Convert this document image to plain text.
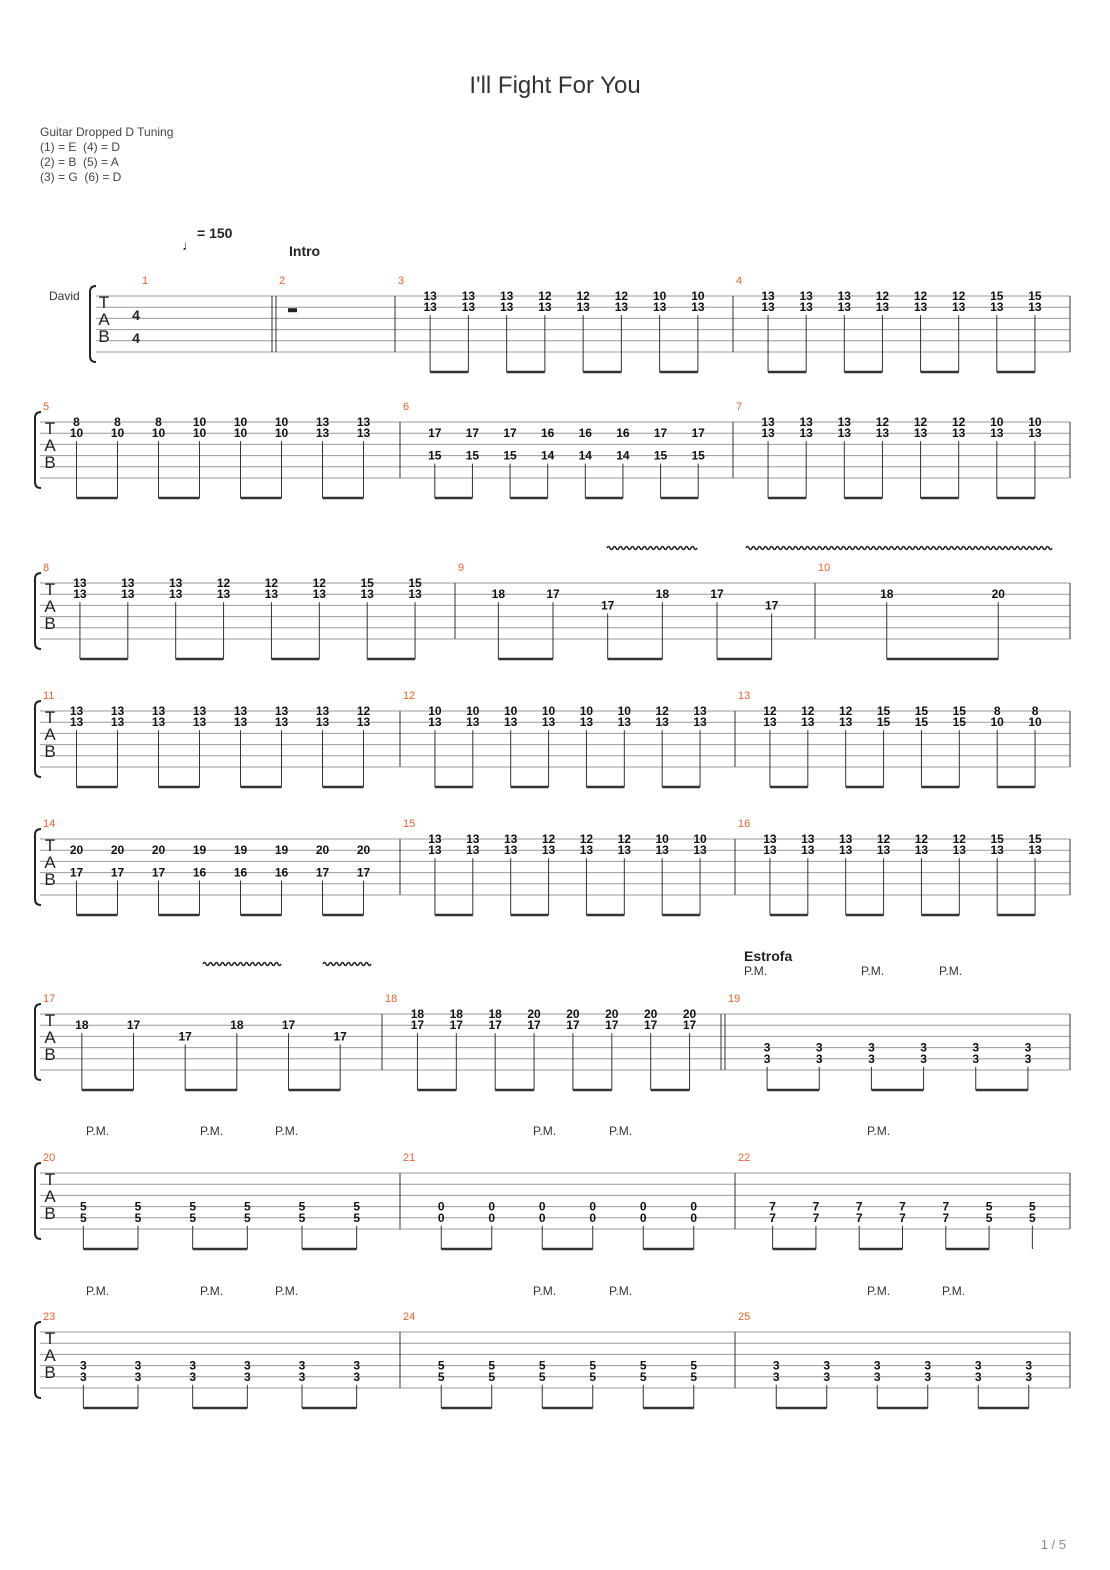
I'll Fight For You
Guitar Dropped D Tuning
(1) = E  (4) = D
(2) = B  (5) = A
(3) = G  (6) = D
♩
= 150
Intro
Estrofa
David T
A
B
4
4
1	2	3
13
13
13
13
13
13
12
13
12
13
12
13
10
13
10
13
4
13
13
13
13
13
13
12
13
12
13
12
13
15
13
15
13
T
A
B
5
8
10
8
10
8
10
10
10
10
10
10
10
13
13
13
13
6
17
15
17
15
17
15
16
14
16
14
16
14
17
15
17
15
7
13
13
13
13
13
13
12
13
12
13
12
13
10
13
10
13
T
A
B
8
13
13
13
13
13
13
12
13
12
13
12
13
15
13
15
13
9
18	17
17
18	17
17
10
18	20
T
A
B
11
13
13
13
13
13
13
13
13
13
13
13
13
13
13
12
13
12
10
13
10
13
10
13
10
13
10
13
10
13
12
13
13
13
13
12
13
12
13
12
13
15
15
15
15
15
15
8
10
8
10
T
A
B
14
20
17
20
17
20
17
19
16
19
16
19
16
20
17
20
17
15
13
13
13
13
13
13
12
13
12
13
12
13
10
13
10
13
16
13
13
13
13
13
13
12
13
12
13
12
13
15
13
15
13
T
A
B
17
18	17
17
18	17
17
18
18
17
18
17
18
17
20
17
20
17
20
17
20
17
20
17
19
3
3
3
3
3
3
3
3
3
3
3
3
T
A
B
20
5
5
5
5
5
5
5
5
5
5
5
5
21
0
0
0
0
0
0
0
0
0
0
0
0
22
7
7
7
7
7
7
7
7
7
7
5
5
5
5
T
A
B
23
3
3
3
3
3
3
3
3
3
3
3
3
24
5
5
5
5
5
5
5
5
5
5
5
5
25
3
3
3
3
3
3
3
3
3
3
3
3
P.M.	P.M.	P.M.
P.M.	P.M.	P.M.	P.M.	P.M.	P.M.
P.M.	P.M.	P.M.	P.M.	P.M.	P.M.	P.M.
1 / 5
